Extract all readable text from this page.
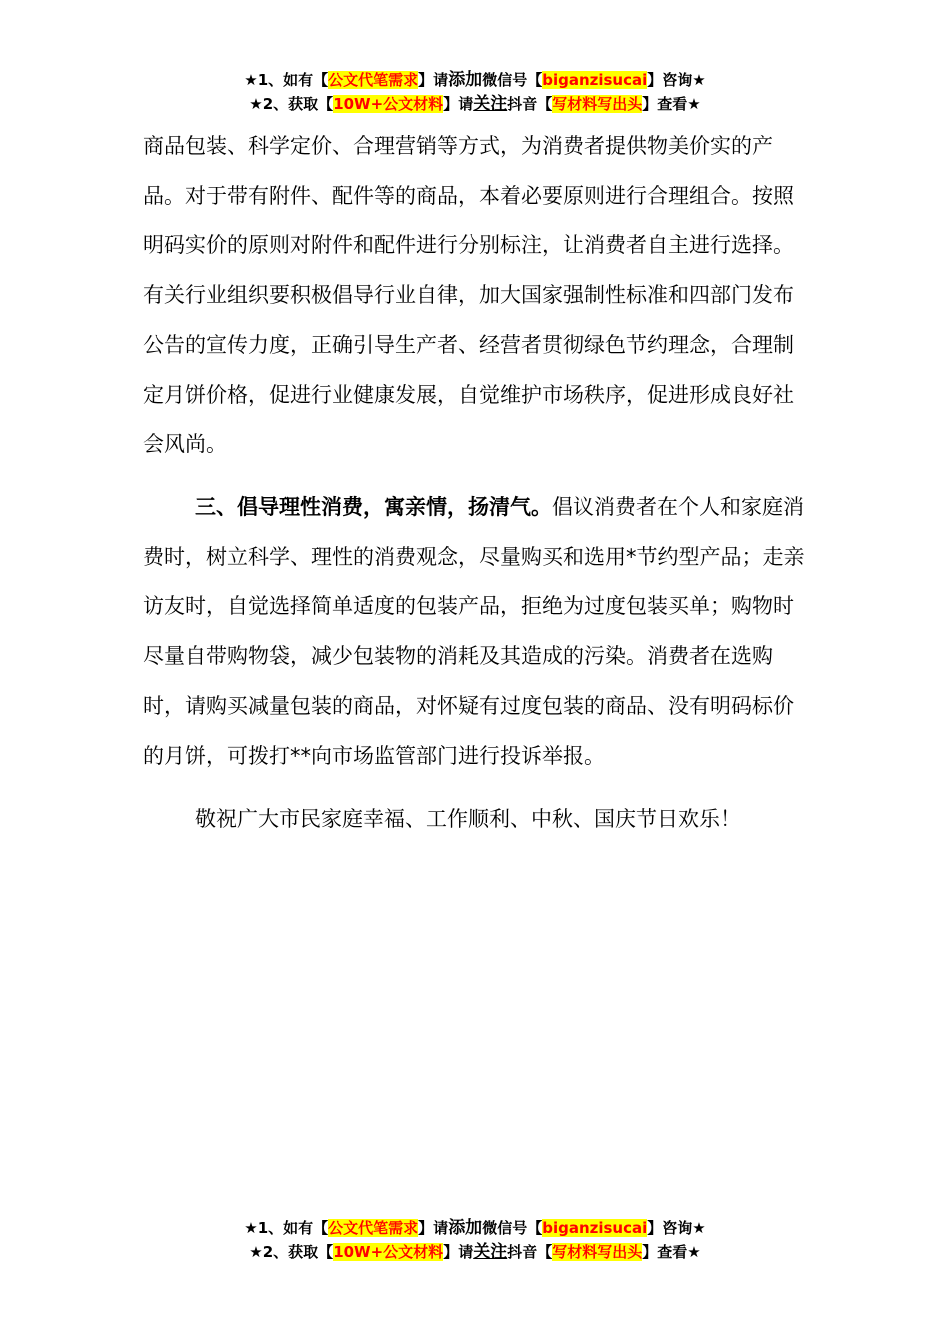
★1、如有【公文代笔需求】请添加微信号【biganzisucai】咨询★
★2、获取【10W+公文材料】请关注抖音【写材料写出头】查看★

商品包装、科学定价、合理营销等方式，为消费者提供物美价实的产品。对于带有附件、配件等的商品，本着必要原则进行合理组合。按照明码实价的原则对附件和配件进行分别标注，让消费者自主进行选择。有关行业组织要积极倡导行业自律，加大国家强制性标准和四部门发布公告的宣传力度，正确引导生产者、经营者贯彻绿色节约理念，合理制定月饼价格，促进行业健康发展，自觉维护市场秩序，促进形成良好社会风尚。

三、倡导理性消费，寓亲情，扬清气。倡议消费者在个人和家庭消费时，树立科学、理性的消费观念，尽量购买和选用*节约型产品；走亲访友时，自觉选择简单适度的包装产品，拒绝为过度包装买单；购物时尽量自带购物袋，减少包装物的消耗及其造成的污染。消费者在选购时，请购买减量包装的商品，对怀疑有过度包装的商品、没有明码标价的月饼，可拨打**向市场监管部门进行投诉举报。

敬祝广大市民家庭幸福、工作顺利、中秋、国庆节日欢乐！

★1、如有【公文代笔需求】请添加微信号【biganzisucai】咨询★
★2、获取【10W+公文材料】请关注抖音【写材料写出头】查看★
